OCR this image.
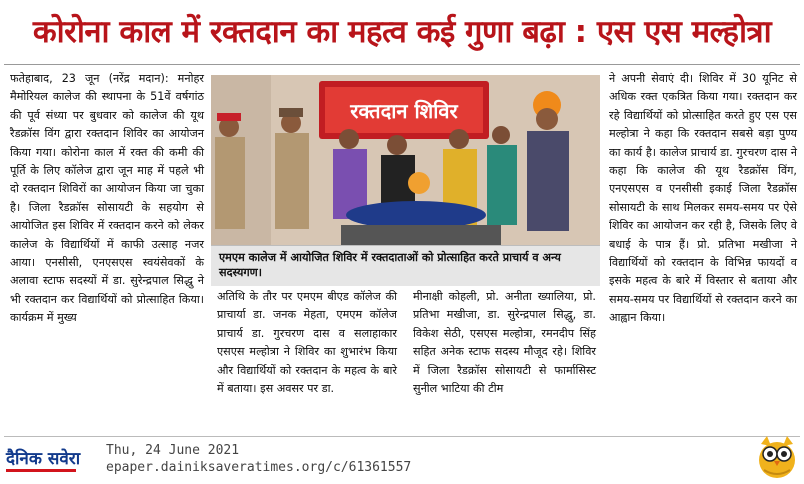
कोरोना काल में रक्तदान का महत्व कई गुणा बढ़ा : एस एस मल्होत्रा

फतेहाबाद, 23 जून (नरेंद्र मदान): मनोहर मैमोरियल कालेज की स्थापना के 51वें वर्षगांठ की पूर्व संध्या पर बुधवार को कालेज की यूथ रैडक्रॉस विंग द्वारा रक्तदान शिविर का आयोजन किया गया। कोरोना काल में रक्त की कमी की पूर्ति के लिए कॉलेज द्वारा जून माह में पहले भी दो रक्तदान शिविरों का आयोजन किया जा चुका है। जिला रैडक्रॉस सोसायटी के सहयोग से आयोजित इस शिविर में रक्तदान करने को लेकर कालेज के विद्यार्थियों में काफी उत्साह नजर आया। एनसीसी, एनएसएस स्वयंसेवकों के अलावा स्टाफ सदस्यों में डा. सुरेन्द्रपाल सिद्धु ने भी रक्तदान कर विद्यार्थियों को प्रोत्साहित किया। कार्यक्रम में मुख्य

रक्तदान शिविर

एमएम कालेज में आयोजित शिविर में रक्तदाताओं को प्रोत्साहित करते प्राचार्य व अन्य सदस्यगण।

अतिथि के तौर पर एमएम बीएड कॉलेज की प्राचार्या डा. जनक मेहता, एमएम कॉलेज प्राचार्य डा. गुरचरण दास व सलाहाकार एसएस मल्होत्रा ने शिविर का शुभारंभ किया और विद्यार्थियों को रक्तदान के महत्व के बारे में बताया। इस अवसर पर डा.

मीनाक्षी कोहली, प्रो. अनीता ख्यालिया, प्रो. प्रतिभा मखीजा, डा. सुरेन्द्रपाल सिद्धु, डा. विकेश सेठी, एसएस मल्होत्रा, रमनदीप सिंह सहित अनेक स्टाफ सदस्य मौजूद रहे। शिविर में जिला रैडक्रॉस सोसायटी से फार्मासिस्ट सुनील भाटिया की टीम

ने अपनी सेवाएं दी। शिविर में 30 यूनिट से अधिक रक्त एकत्रित किया गया। रक्तदान कर रहे विद्यार्थियों को प्रोत्साहित करते हुए एस एस मल्होत्रा ने कहा कि रक्तदान सबसे बड़ा पुण्य का कार्य है। कालेज प्राचार्य डा. गुरचरण दास ने कहा कि कालेज की यूथ रैडक्रॉस विंग, एनएसएस व एनसीसी इकाई जिला रैडक्रॉस सोसायटी के साथ मिलकर समय-समय पर ऐसे शिविर का आयोजन कर रही है, जिसके लिए वे बधाई के पात्र हैं। प्रो. प्रतिभा मखीजा ने विद्यार्थियों को रक्तदान के विभिन्न फायदों व इसके महत्व के बारे में विस्तार से बताया और समय-समय पर विद्यार्थियों से रक्तदान करने का आह्वान किया।

दैनिक सवेरा Thu, 24 June 2021
epaper.dainiksaveratimes.org/c/61361557
